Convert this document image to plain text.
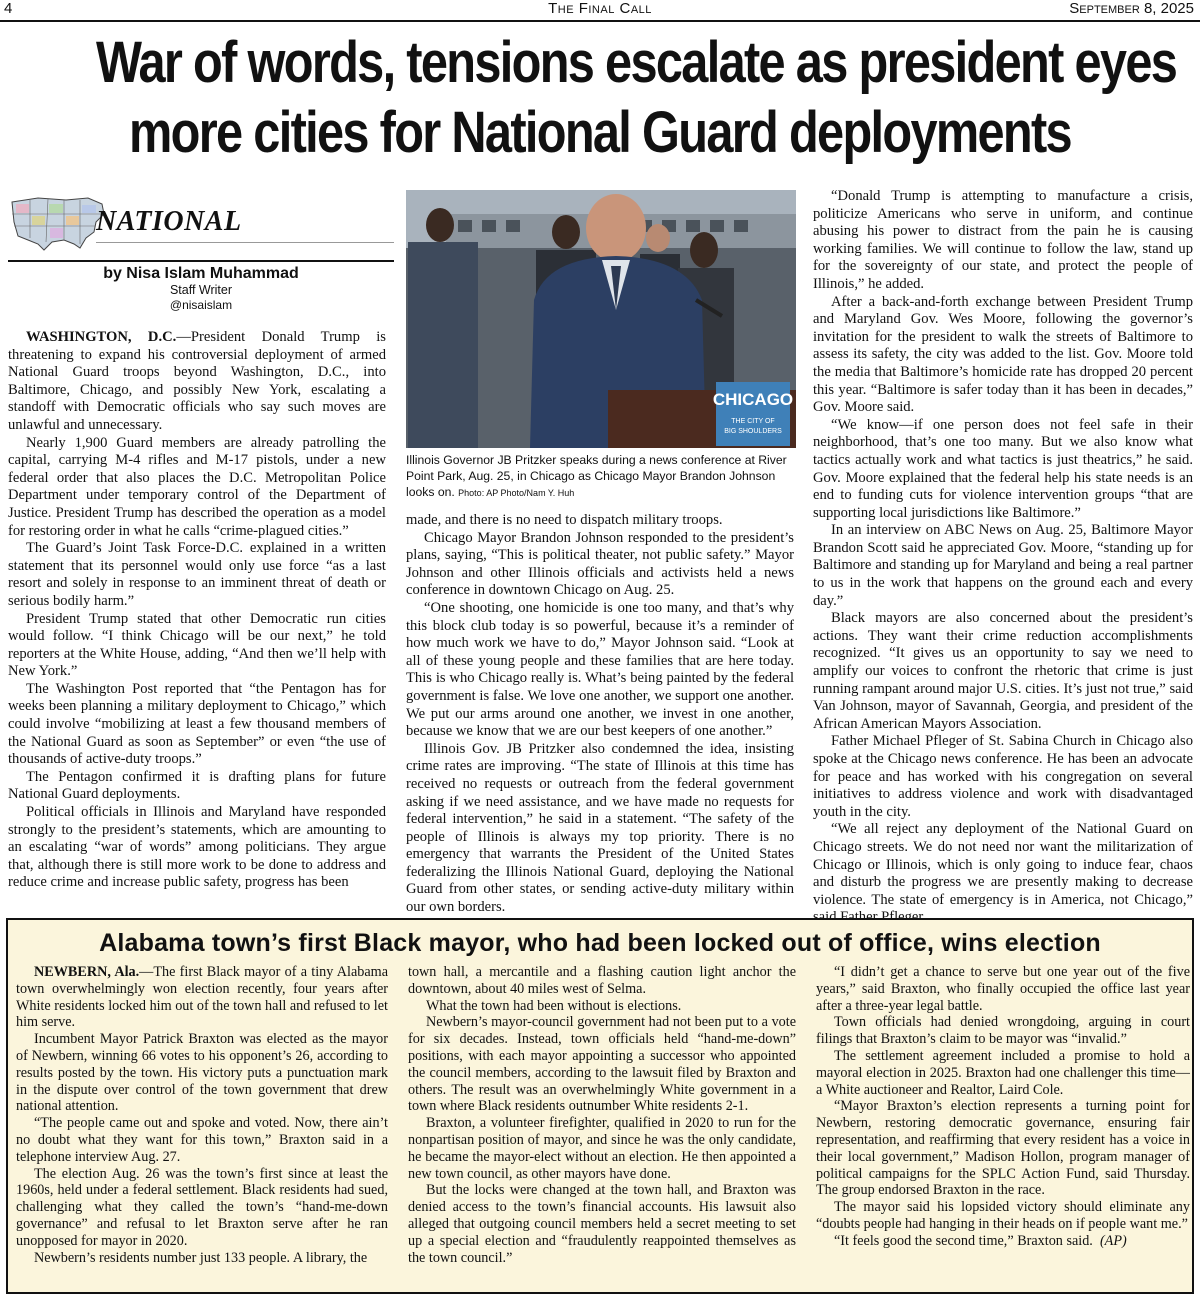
4	The Final Call	September 8, 2025
War of words, tensions escalate as president eyes
more cities for National Guard deployments
NATIONAL
by Nisa Islam Muhammad
Staff Writer
@nisaislam

WASHINGTON, D.C.—President Donald Trump is threatening to expand his controversial deployment of armed National Guard troops beyond Washington, D.C., into Baltimore, Chicago, and possibly New York, escalating a standoff with Democratic officials who say such moves are unlawful and unnecessary.

Nearly 1,900 Guard members are already patrolling the capital, carrying M-4 rifles and M-17 pistols, under a new federal order that also places the D.C. Metropolitan Police Department under temporary control of the Department of Justice. President Trump has described the operation as a model for restoring order in what he calls “crime-plagued cities.”

The Guard’s Joint Task Force-D.C. explained in a written statement that its personnel would only use force “as a last resort and solely in response to an imminent threat of death or serious bodily harm.”

President Trump stated that other Democratic run cities would follow. “I think Chicago will be our next,” he told reporters at the White House, adding, “And then we’ll help with New York.”

The Washington Post reported that “the Pentagon has for weeks been planning a military deployment to Chicago,” which could involve “mobilizing at least a few thousand members of the National Guard as soon as September” or even “the use of thousands of active-duty troops.”

The Pentagon confirmed it is drafting plans for future National Guard deployments.

Political officials in Illinois and Maryland have responded strongly to the president’s statements, which are amounting to an escalating “war of words” among politicians. They argue that, although there is still more work to be done to address and reduce crime and increase public safety, progress has been

CHICAGO
THE CITY OF
BIG SHOULDERS
Illinois Governor JB Pritzker speaks during a news conference at River Point Park, Aug. 25, in Chicago as Chicago Mayor Brandon Johnson looks on. Photo: AP Photo/Nam Y. Huh

made, and there is no need to dispatch military troops.

Chicago Mayor Brandon Johnson responded to the president’s plans, saying, “This is political theater, not public safety.” Mayor Johnson and other Illinois officials and activists held a news conference in downtown Chicago on Aug. 25.

“One shooting, one homicide is one too many, and that’s why this block club today is so powerful, because it’s a reminder of how much work we have to do,” Mayor Johnson said. “Look at all of these young people and these families that are here today. This is who Chicago really is. What’s being painted by the federal government is false. We love one another, we support one another. We put our arms around one another, we invest in one another, because we know that we are our best keepers of one another.”

Illinois Gov. JB Pritzker also condemned the idea, insisting crime rates are improving. “The state of Illinois at this time has received no requests or outreach from the federal government asking if we need assistance, and we have made no requests for federal intervention,” he said in a statement. “The safety of the people of Illinois is always my top priority. There is no emergency that warrants the President of the United States federalizing the Illinois National Guard, deploying the National Guard from other states, or sending active-duty military within our own borders.

“Donald Trump is attempting to manufacture a crisis, politicize Americans who serve in uniform, and continue abusing his power to distract from the pain he is causing working families. We will continue to follow the law, stand up for the sovereignty of our state, and protect the people of Illinois,” he added.

After a back-and-forth exchange between President Trump and Maryland Gov. Wes Moore, following the governor’s invitation for the president to walk the streets of Baltimore to assess its safety, the city was added to the list. Gov. Moore told the media that Baltimore’s homicide rate has dropped 20 percent this year. “Baltimore is safer today than it has been in decades,” Gov. Moore said.

“We know—if one person does not feel safe in their neighborhood, that’s one too many. But we also know what tactics actually work and what tactics is just theatrics,” he said. Gov. Moore explained that the federal help his state needs is an end to funding cuts for violence intervention groups “that are supporting local jurisdictions like Baltimore.”

In an interview on ABC News on Aug. 25, Baltimore Mayor Brandon Scott said he appreciated Gov. Moore, “standing up for Baltimore and standing up for Maryland and being a real partner to us in the work that happens on the ground each and every day.”

Black mayors are also concerned about the president’s actions. They want their crime reduction accomplishments recognized. “It gives us an opportunity to say we need to amplify our voices to confront the rhetoric that crime is just running rampant around major U.S. cities. It’s just not true,” said Van Johnson, mayor of Savannah, Georgia, and president of the African American Mayors Association.

Father Michael Pfleger of St. Sabina Church in Chicago also spoke at the Chicago news conference. He has been an advocate for peace and has worked with his congregation on several initiatives to address violence and work with disadvantaged youth in the city.

“We all reject any deployment of the National Guard on Chicago streets. We do not need nor want the militarization of Chicago or Illinois, which is only going to induce fear, chaos and disturb the progress we are presently making to decrease violence. The state of emergency is in America, not Chicago,”

Alabama town’s first Black mayor, who had been locked out of office, wins election

NEWBERN, Ala.—The first Black mayor of a tiny Alabama town overwhelmingly won election recently, four years after White residents locked him out of the town hall and refused to let him serve.

Incumbent Mayor Patrick Braxton was elected as the mayor of Newbern, winning 66 votes to his opponent’s 26, according to results posted by the town. His victory puts a punctuation mark in the dispute over control of the town government that drew national attention.

“The people came out and spoke and voted. Now, there ain’t no doubt what they want for this town,” Braxton said in a telephone interview Aug. 27.

The election Aug. 26 was the town’s first since at least the 1960s, held under a federal settlement. Black residents had sued, challenging what they called the town’s “hand-me-down governance” and refusal to let Braxton serve after he ran unopposed for mayor in 2020.

Newbern’s residents number just 133 people. A library, the

town hall, a mercantile and a flashing caution light anchor the downtown, about 40 miles west of Selma.

What the town had been without is elections.

Newbern’s mayor-council government had not been put to a vote for six decades. Instead, town officials held “hand-me-down” positions, with each mayor appointing a successor who appointed the council members, according to the lawsuit filed by Braxton and others. The result was an overwhelmingly White government in a town where Black residents outnumber White residents 2-1.

Braxton, a volunteer firefighter, qualified in 2020 to run for the nonpartisan position of mayor, and since he was the only candidate, he became the mayor-elect without an election. He then appointed a new town council, as other mayors have done.

But the locks were changed at the town hall, and Braxton was denied access to the town’s financial accounts. His lawsuit also alleged that outgoing council members held a secret meeting to set up a special election and “fraudulently reappointed themselves as the town council.”

“I didn’t get a chance to serve but one year out of the five years,” said Braxton, who finally occupied the office last year after a three-year legal battle.

Town officials had denied wrongdoing, arguing in court filings that Braxton’s claim to be mayor was “invalid.”

The settlement agreement included a promise to hold a mayoral election in 2025. Braxton had one challenger this time—a White auctioneer and Realtor, Laird Cole.

“Mayor Braxton’s election represents a turning point for Newbern, restoring democratic governance, ensuring fair representation, and reaffirming that every resident has a voice in their local government,” Madison Hollon, program manager of political campaigns for the SPLC Action Fund, said Thursday. The group endorsed Braxton in the race.

The mayor said his lopsided victory should eliminate any “doubts people had hanging in their heads on if people want me.”

“It feels good the second time,” Braxton said. (AP)
